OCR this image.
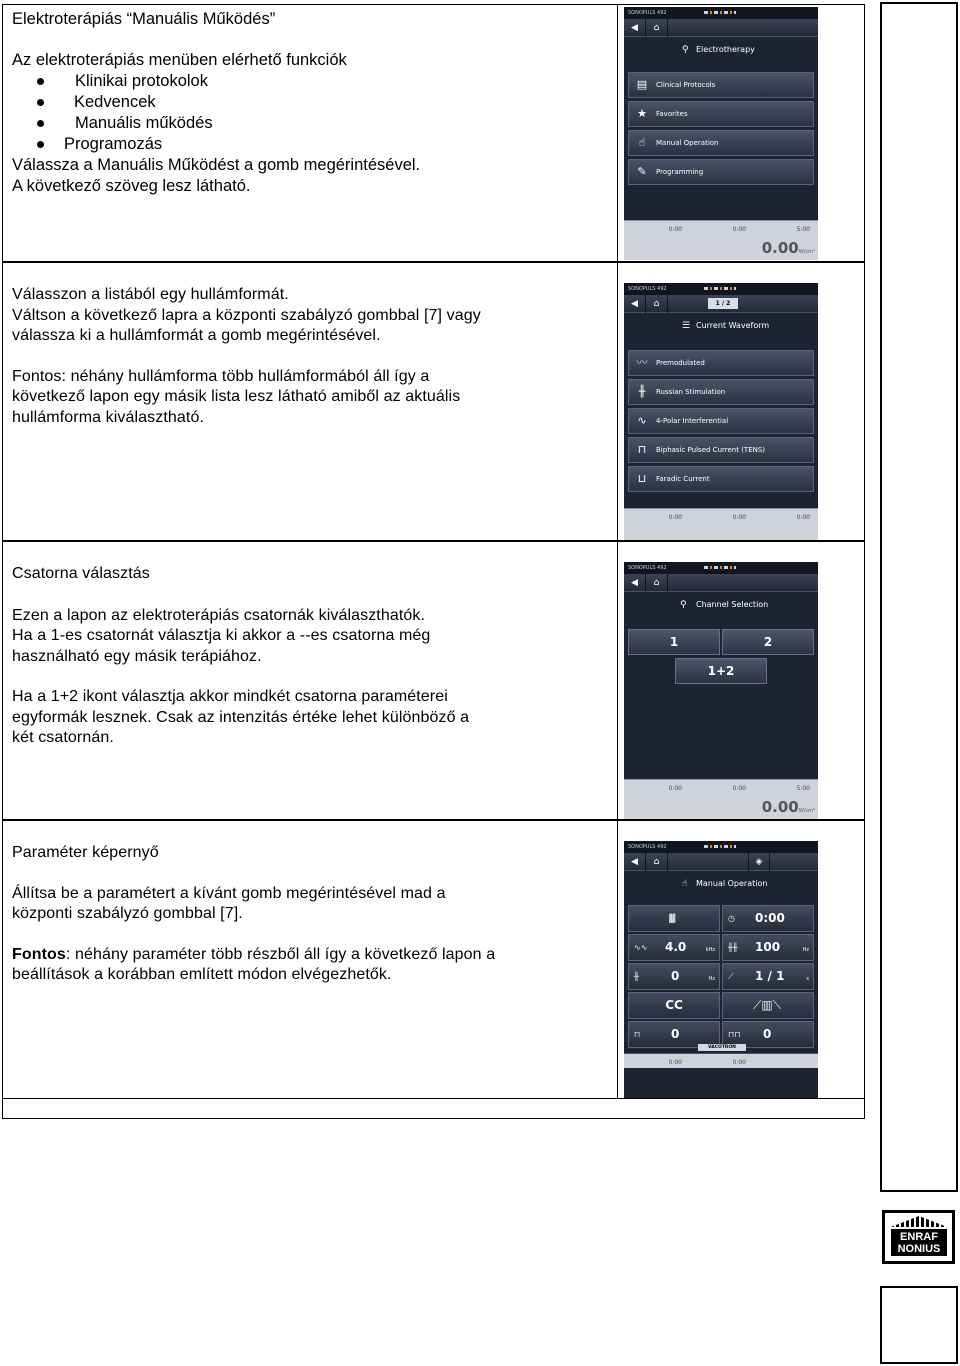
Elektroterápiás “Manuális Működés”
Az elektroterápiás menüben elérhető funkciók
Klinikai protokolok
Kedvencek
Manuális működés
Programozás
Válassza a Manuális Működést a gomb megérintésével.
A következő szöveg lesz látható.
SONOPULS 492
◀	⌂
⚲ Electrotherapy
▤	Clinical Protocols
★	Favorites
☝	Manual Operation
✎	Programming
0:00	0:00	5:00
0.00W/cm²
Válasszon a listából egy hullámformát.
Váltson a következő lapra a központi szabályzó gombbal [7] vagy
válassza ki a hullámformát a gomb megérintésével.
Fontos: néhány hullámforma több hullámformából áll így a
következő lapon egy másik lista lesz látható amiből az aktuális
hullámforma kiválasztható.
SONOPULS 492
◀	⌂	1 / 2
☰ Current Waveform
〰	Premodulated
╫	Russian Stimulation
∿	4-Polar Interferential
⊓	Biphasic Pulsed Current (TENS)
⊔	Faradic Current
0:00	0:00	0:00
Csatorna választás
Ezen a lapon az elektroterápiás csatornák kiválaszthatók.
Ha a 1-es csatornát választja ki akkor a --es csatorna még
használható egy másik terápiához.
Ha a 1+2 ikont választja akkor mindkét csatorna paraméterei
egyformák lesznek. Csak az intenzitás értéke lehet különböző a
két csatornán.
SONOPULS 492
◀	⌂
⚲ Channel Selection
1	2
1+2
0:00	0:00	5:00
0.00W/cm²
Paraméter képernyő
Állítsa be a paramétert a kívánt gomb megérintésével mad a
központi szabályzó gombbal [7].
Fontos: néhány paraméter több részből áll így a következő lapon a
beállítások a korábban említett módon elvégezhetők.
SONOPULS 492
◀	⌂	◈
☝ Manual Operation
▓	◷ 0:00
∿∿ 4.0	kHz ╫╫ 100	Hz
╫	0	Hz ⟋ 1 / 1	s
CC	⟋▥⟍
⊓	0	⊓⊓ 0
VACOTRON
0:00	0:00
ENRAF
NONIUS
